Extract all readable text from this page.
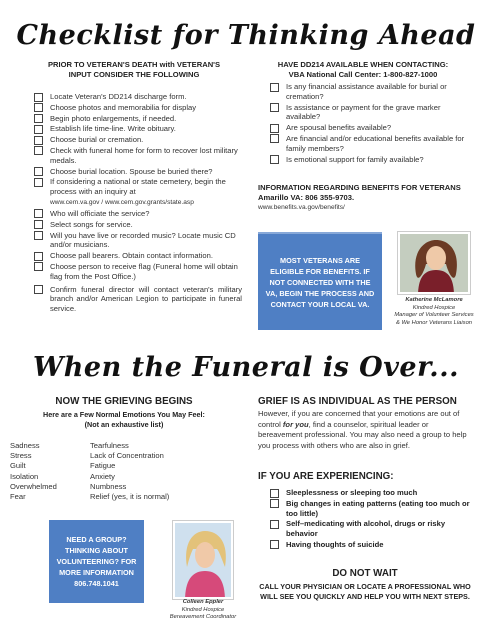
Checklist for Thinking Ahead
PRIOR TO VETERAN'S DEATH with VETERAN'S
INPUT CONSIDER THE FOLLOWING
Locate Veteran's DD214 discharge form.
Choose photos and memorabilia for display
Begin photo enlargements, if needed.
Establish life time-line. Write obituary.
Choose burial or cremation.
Check with funeral home for form to recover lost military medals.
Choose burial location. Spouse be buried there?
If considering a national or state cemetery, begin the process with an inquiry at
www.cem.va.gov / www.cem.gov.grants/state.asp
Who will officiate the service?
Select songs for service.
Will you have live or recorded music? Locate music CD and/or musicians.
Choose pall bearers. Obtain contact information.
Choose person to receive flag (Funeral home will obtain flag from the Post Office.)
Confirm funeral director will contact veteran's military branch and/or American Legion to participate in funeral service.
HAVE DD214 AVAILABLE WHEN CONTACTING:
VBA National Call Center: 1-800-827-1000
Is any financial assistance available for burial or cremation?
Is assistance or payment for the grave marker available?
Are spousal benefits available?
Are financial and/or educational benefits available for family members?
Is emotional support for family available?
INFORMATION REGARDING BENEFITS FOR VETERANS
Amarillo VA: 806 355-9703.
www.benefits.va.gov/benefits/
MOST VETERANS ARE ELIGIBLE FOR BENEFITS. IF NOT CONNECTED WITH THE VA, BEGIN THE PROCESS AND CONTACT YOUR LOCAL VA.	Katherine McLamore
Kindred Hospice
Manager of Volunteer Services
& We Honor Veterans Liaison
When the Funeral is Over...
NOW THE GRIEVING BEGINS
Here are a Few Normal Emotions You May Feel:
(Not an exhaustive list)
Sadness	Tearfulness
Stress	Lack of Concentration
Guilt	Fatigue
Isolation	Anxiety
Overwhelmed	Numbness
Fear	Relief (yes, it is normal)
NEED A GROUP? THINKING ABOUT VOLUNTEERING? FOR MORE INFORMATION 806.748.1041
Colleen Eppler
Kindred Hospice
Bereavement Coordinator
GRIEF IS AS INDIVIDUAL AS THE PERSON
However, if you are concerned that your emotions are out of control for you, find a counselor, spiritual leader or bereavement professional. You may also need a group to help you process with others who are also in grief.
IF YOU ARE EXPERIENCING:
Sleeplessness or sleeping too much
Big changes in eating patterns (eating too much or too little)
Self–medicating with alcohol, drugs or risky behavior
Having thoughts of suicide
DO NOT WAIT
CALL YOUR PHYSICIAN OR LOCATE A PROFESSIONAL WHO WILL SEE YOU QUICKLY AND HELP YOU WITH NEXT STEPS.
